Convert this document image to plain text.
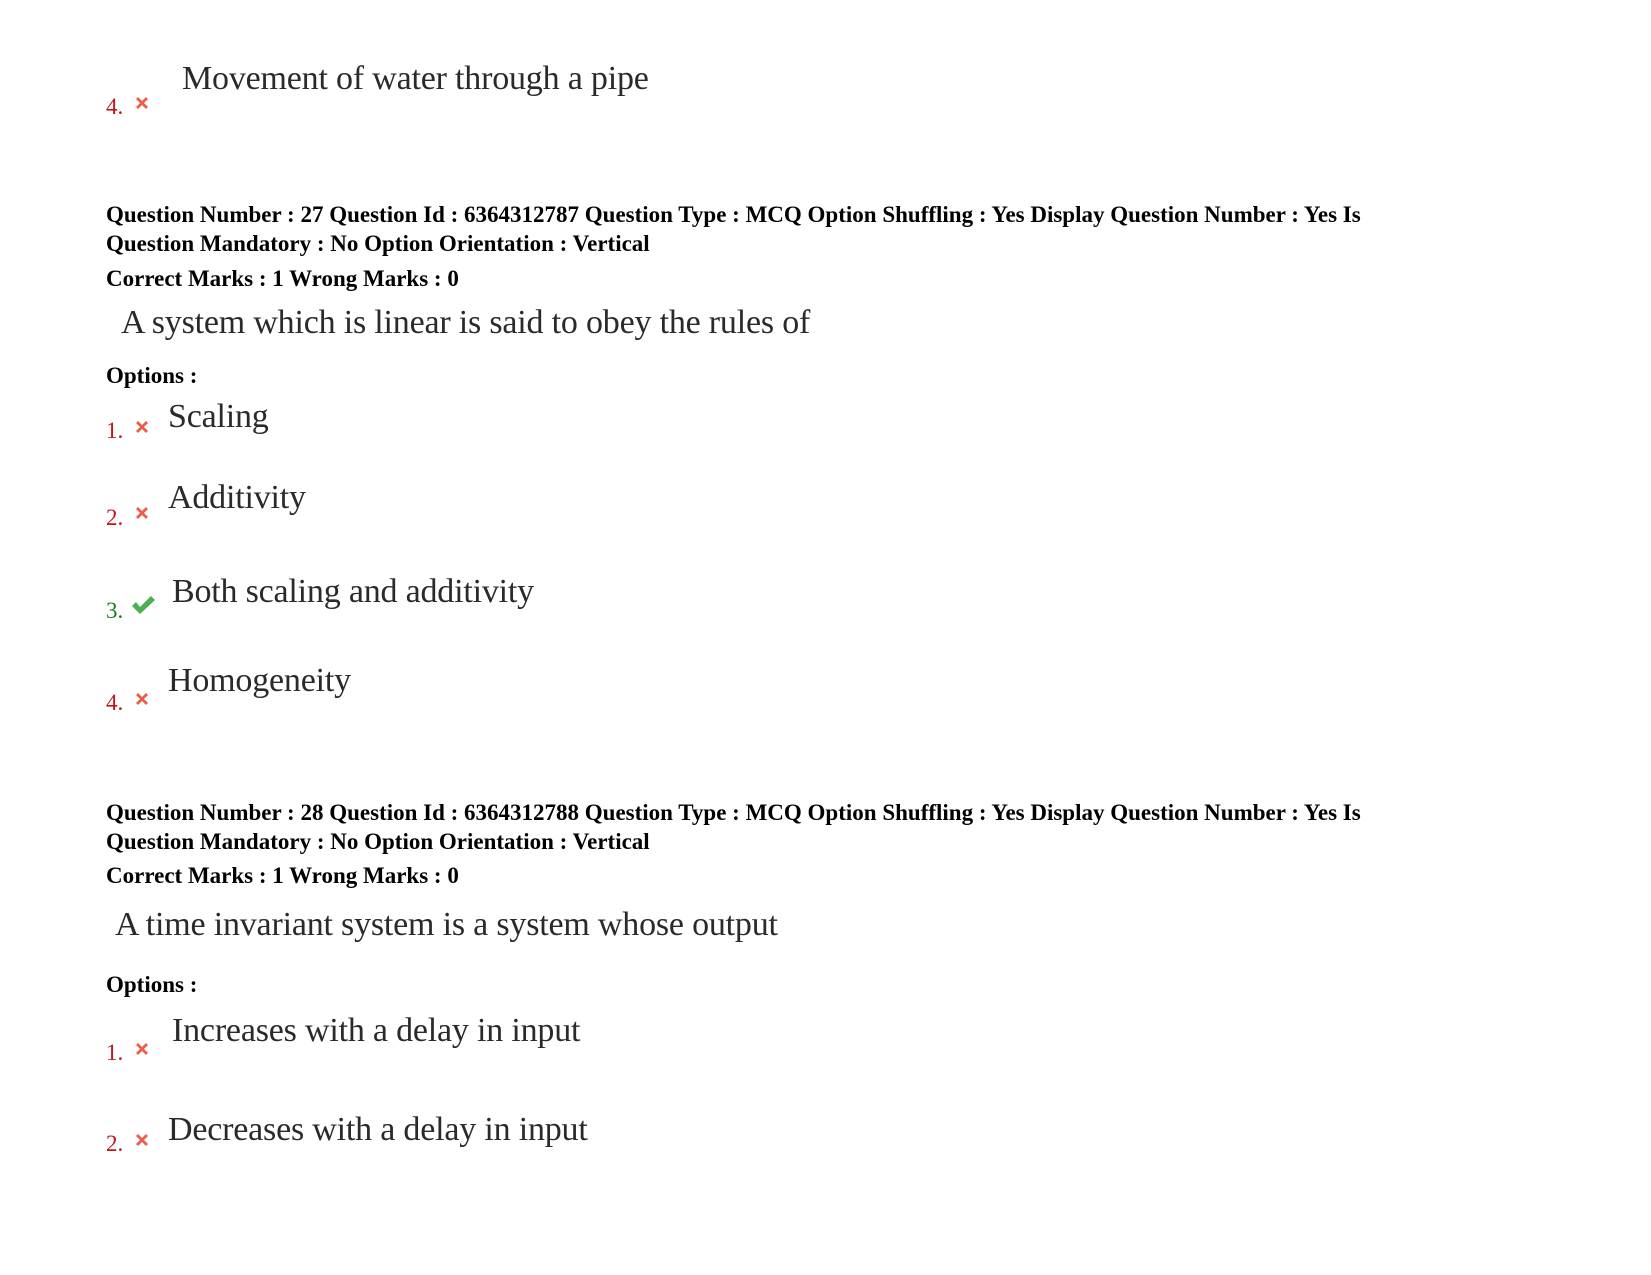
Movement of water through a pipe
4.
Question Number : 27 Question Id : 6364312787 Question Type : MCQ Option Shuffling : Yes Display Question Number : Yes Is
Question Mandatory : No Option Orientation : Vertical
Correct Marks : 1 Wrong Marks : 0
A system which is linear is said to obey the rules of
Options :
Scaling
1.
Additivity
2.
Both scaling and additivity
3.
Homogeneity
4.
Question Number : 28 Question Id : 6364312788 Question Type : MCQ Option Shuffling : Yes Display Question Number : Yes Is
Question Mandatory : No Option Orientation : Vertical
Correct Marks : 1 Wrong Marks : 0
A time invariant system is a system whose output
Options :
Increases with a delay in input
1.
Decreases with a delay in input
2.
